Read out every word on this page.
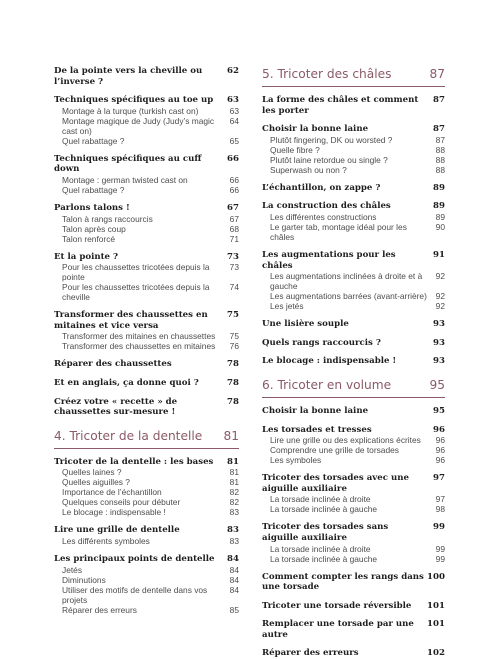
De la pointe vers la cheville ou l’inverse ?
62
Techniques spécifiques au toe up	63
Montage à la turque (turkish cast on)	63
Montage magique de Judy (Judy’s magic cast on)
64
Quel rabattage ?	65
Techniques spécifiques au cuff down
66
Montage : german twisted cast on	66
Quel rabattage ?	66
Parlons talons !	67
Talon à rangs raccourcis	67
Talon après coup	68
Talon renforcé	71
Et la pointe ?	73
Pour les chaussettes tricotées depuis la pointe
73
Pour les chaussettes tricotées depuis la cheville
74
Transformer des chaussettes en mitaines et vice versa
75
Transformer des mitaines en chaussettes	75
Transformer des chaussettes en mitaines	76
Réparer des chaussettes	78
Et en anglais, ça donne quoi ?	78
Créez votre « recette » de chaussettes sur-mesure !
78
4. Tricoter de la dentelle	81
Tricoter de la dentelle : les bases	81
Quelles laines ?	81
Quelles aiguilles ?	81
Importance de l’échantillon	82
Quelques conseils pour débuter	82
Le blocage : indispensable !	83
Lire une grille de dentelle	83
Les différents symboles	83
Les principaux points de dentelle	84
Jetés	84
Diminutions	84
Utiliser des motifs de dentelle dans vos projets
84
Réparer des erreurs	85
5. Tricoter des châles	87
La forme des châles et comment les porter
87
Choisir la bonne laine	87
Plutôt fingering, DK ou worsted ?	87
Quelle fibre ?	88
Plutôt laine retordue ou single ?	88
Superwash ou non ?	88
L’échantillon, on zappe ?	89
La construction des châles	89
Les différentes constructions	89
Le garter tab, montage idéal pour les châles
90
Les augmentations pour les châles
91
Les augmentations inclinées à droite et à gauche
92
Les augmentations barrées (avant-arrière) 92
Les jetés	92
Une lisière souple	93
Quels rangs raccourcis ?	93
Le blocage : indispensable !	93
6. Tricoter en volume	95
Choisir la bonne laine	95
Les torsades et tresses	96
Lire une grille ou des explications écrites	96
Comprendre une grille de torsades	96
Les symboles	96
Tricoter des torsades avec une aiguille auxiliaire
97
La torsade inclinée à droite	97
La torsade inclinée à gauche	98
Tricoter des torsades sans aiguille auxiliaire
99
La torsade inclinée à droite	99
La torsade inclinée à gauche	99
Comment compter les rangs dans une torsade
100
Tricoter une torsade réversible	101
Remplacer une torsade par une autre
101
Réparer des erreurs	102
